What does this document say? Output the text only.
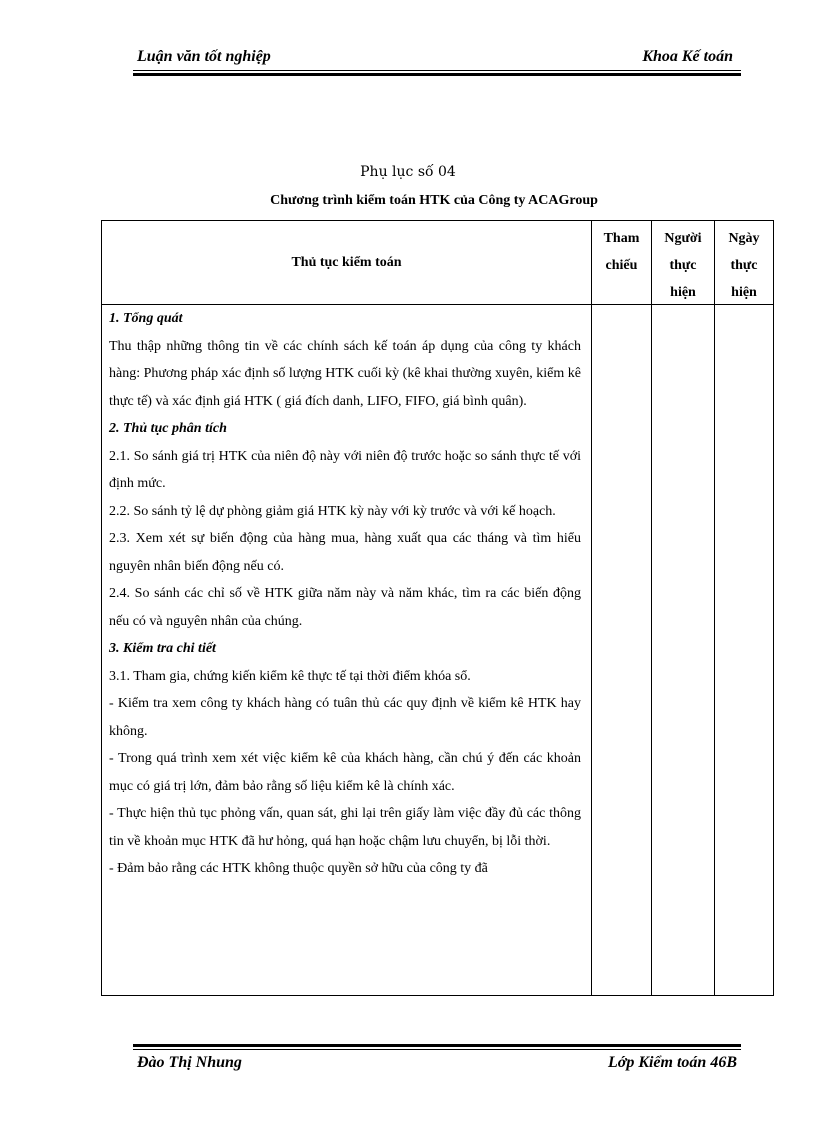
Luận văn tốt nghiệp	Khoa Kế toán
Phụ lục số 04
Chương trình kiểm toán HTK của Công ty ACAGroup
Thủ tục kiểm toán
Tham
chiếu
Người
thực
hiện
Ngày
thực
hiện

1. Tổng quát

Thu thập những thông tin về các chính sách kế toán áp dụng của công ty khách hàng: Phương pháp xác định số lượng HTK cuối kỳ (kê khai thường xuyên, kiểm kê thực tế) và xác định giá HTK ( giá đích danh, LIFO, FIFO, giá bình quân).

2. Thủ tục phân tích

2.1. So sánh giá trị HTK của niên độ này với niên độ trước hoặc so sánh thực tế với định mức.

2.2. So sánh tỷ lệ dự phòng giảm giá HTK kỳ này với kỳ trước và với kế hoạch.

2.3. Xem xét sự biến động của hàng mua, hàng xuất qua các tháng và tìm hiểu nguyên nhân biến động nếu có.

2.4. So sánh các chỉ số về HTK giữa năm này và năm khác, tìm ra các biến động nếu có và nguyên nhân của chúng.

3. Kiểm tra chi tiết

3.1. Tham gia, chứng kiến kiểm kê thực tế tại thời điểm khóa sổ.

- Kiểm tra xem công ty khách hàng có tuân thủ các quy định về kiểm kê HTK hay không.

- Trong quá trình xem xét việc kiểm kê của khách hàng, cần chú ý đến các khoản mục có giá trị lớn, đảm bảo rằng số liệu kiểm kê là chính xác.

- Thực hiện thủ tục phỏng vấn, quan sát, ghi lại trên giấy làm việc đầy đủ các thông tin về khoản mục HTK đã hư hỏng, quá hạn hoặc chậm lưu chuyển, bị lỗi thời.

- Đảm bảo rằng các HTK không thuộc quyền sở hữu của công ty đã

Đào Thị Nhung	Lớp Kiểm toán 46B
